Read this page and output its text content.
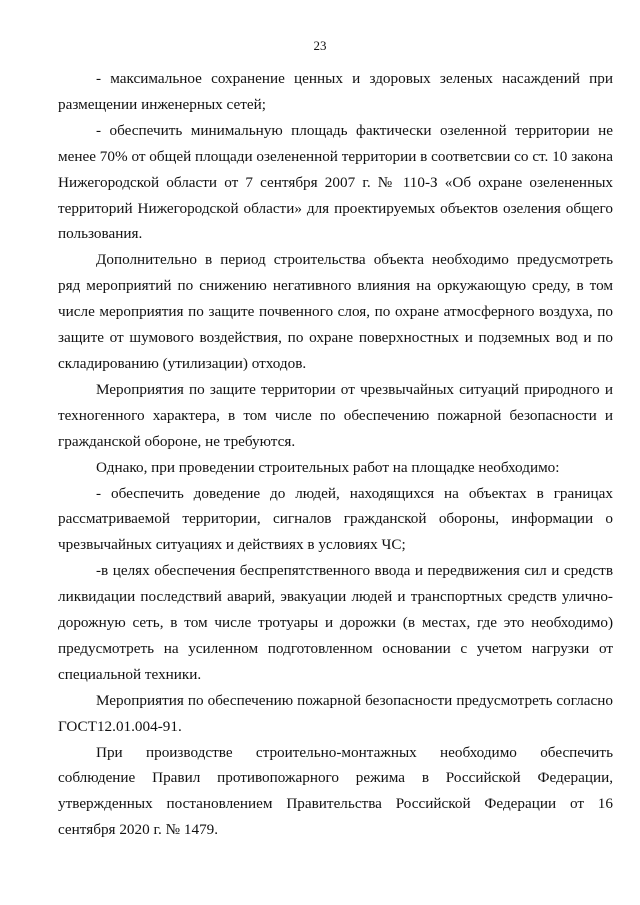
23

- максимальное сохранение ценных и здоровых зеленых насаждений при размещении инженерных сетей;

- обеспечить минимальную площадь фактически озеленной территории не менее 70% от общей площади озелененной территории в соответсвии со ст. 10 закона Нижегородской области от 7 сентября 2007 г. № 110-З «Об охране озелененных территорий Нижегородской области» для проектируемых объектов озеления общего пользования.

Дополнительно в период строительства объекта необходимо предусмотреть ряд мероприятий по снижению негативного влияния на оркужающую среду, в том числе мероприятия по защите почвенного слоя, по охране атмосферного воздуха, по защите от шумового воздействия, по охране поверхностных и подземных вод и по складированию (утилизации) отходов.

Мероприятия по защите территории от чрезвычайных ситуаций природного и техногенного характера, в том числе по обеспечению пожарной безопасности и гражданской обороне, не требуются.

Однако, при проведении строительных работ на площадке необходимо:

- обеспечить доведение до людей, находящихся на объектах в границах рассматриваемой территории, сигналов гражданской обороны, информации о чрезвычайных ситуациях и действиях в условиях ЧС;

-в целях обеспечения беспрепятственного ввода и передвижения сил и средств ликвидации последствий аварий, эвакуации людей и транспортных средств улично-дорожную сеть, в том числе тротуары и дорожки (в местах, где это необходимо) предусмотреть на усиленном подготовленном основании с учетом нагрузки от специальной техники.

Мероприятия по обеспечению пожарной безопасности предусмотреть согласно ГОСТ12.01.004-91.

При производстве строительно-монтажных необходимо обеспечить соблюдение Правил противопожарного режима в Российской Федерации, утвержденных постановлением Правительства Российской Федерации от 16 сентября 2020 г. № 1479.
